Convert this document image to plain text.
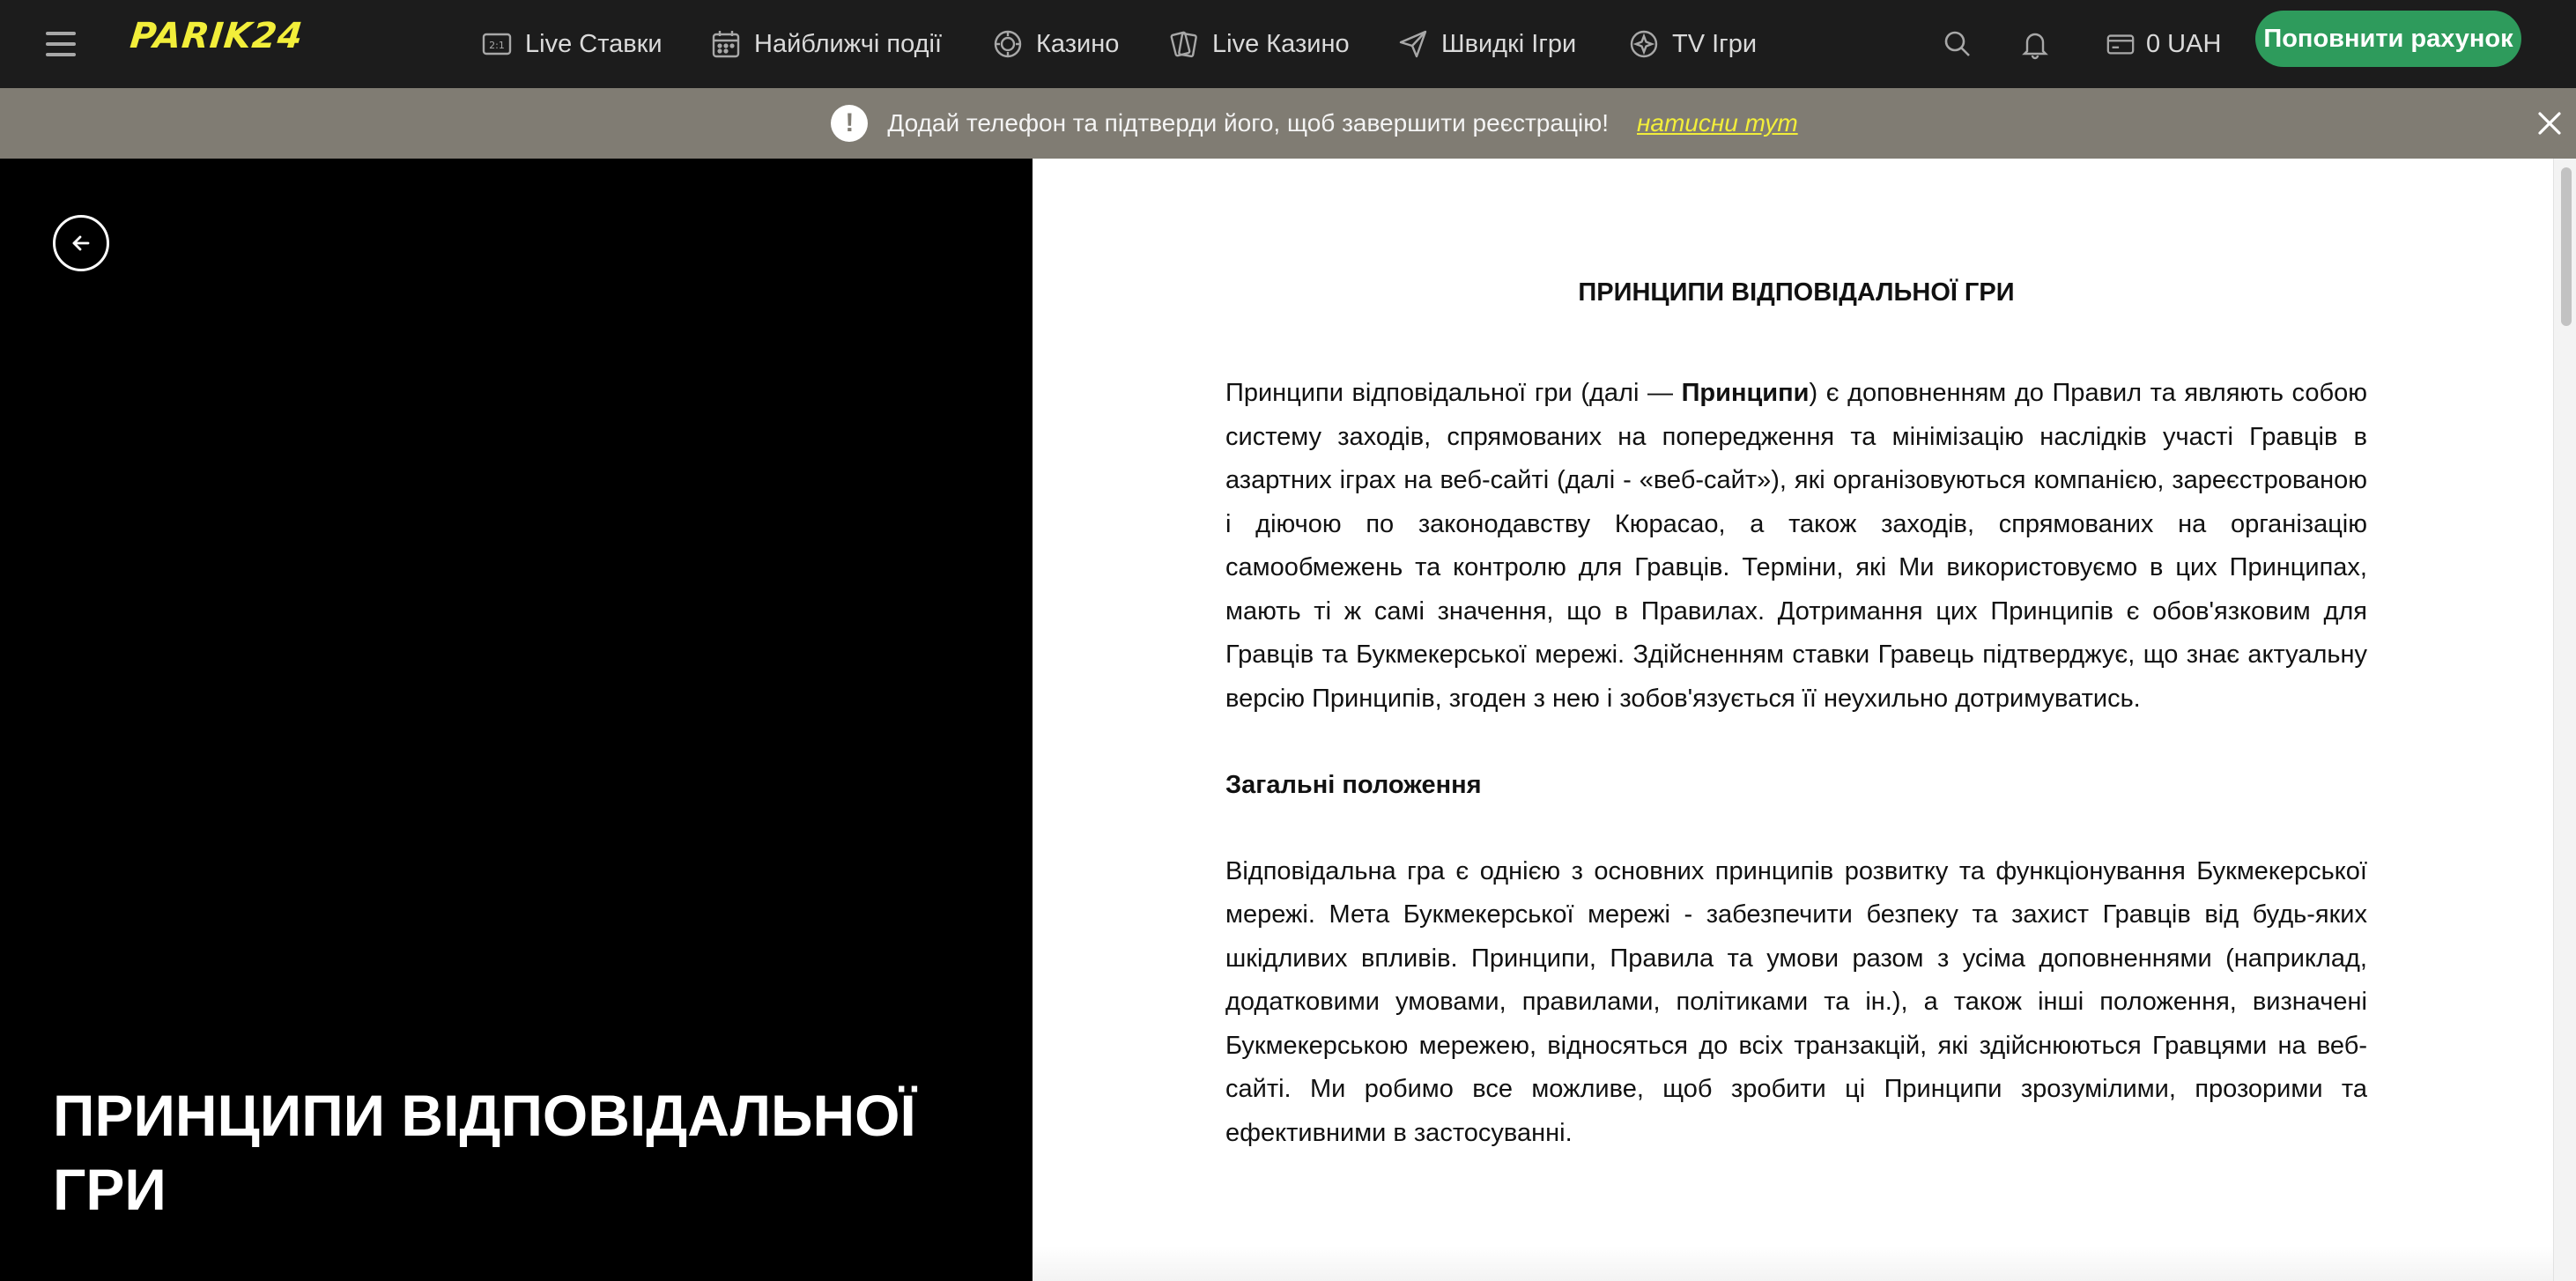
PARIK24	2:1 Live Ставки	Найближчі події	Казино	Live Казино	Швидкі Ігри	TV Ігри	0 UAH	Поповнити рахунок
!	Додай телефон та підтверди його, щоб завершити реєстрацію! натисни тут
ПРИНЦИПИ ВІДПОВІДАЛЬНОЇ ГРИ
ПРИНЦИПИ ВІДПОВІДАЛЬНОЇ ГРИ

Принципи відповідальної гри (далі — Принципи) є доповненням до Правил та являють собою систему заходів, спрямованих на попередження та мінімізацію наслідків участі Гравців в азартних іграх на веб-сайті (далі - «веб-сайт»), які організовуються компанією, зареєстрованою і діючою по законодавству Кюрасао, а також заходів, спрямованих на організацію самообмежень та контролю для Гравців. Терміни, які Ми використовуємо в цих Принципах, мають ті ж самі значення, що в Правилах. Дотримання цих Принципів є обов'язковим для Гравців та Букмекерської мережі. Здійсненням ставки Гравець підтверджує, що знає актуальну версію Принципів, згоден з нею і зобов'язується її неухильно дотримуватись.

Загальні положення

Відповідальна гра є однією з основних принципів розвитку та функціонування Букмекерської мережі. Мета Букмекерської мережі - забезпечити безпеку та захист Гравців від будь-яких шкідливих впливів. Принципи, Правила та умови разом з усіма доповненнями (наприклад, додатковими умовами, правилами, політиками та ін.), а також інші положення, визначені Букмекерською мережею, відносяться до всіх транзакцій, які здійснюються Гравцями на веб-сайті. Ми робимо все можливе, щоб зробити ці Принципи зрозумілими, прозорими та ефективними в застосуванні.
